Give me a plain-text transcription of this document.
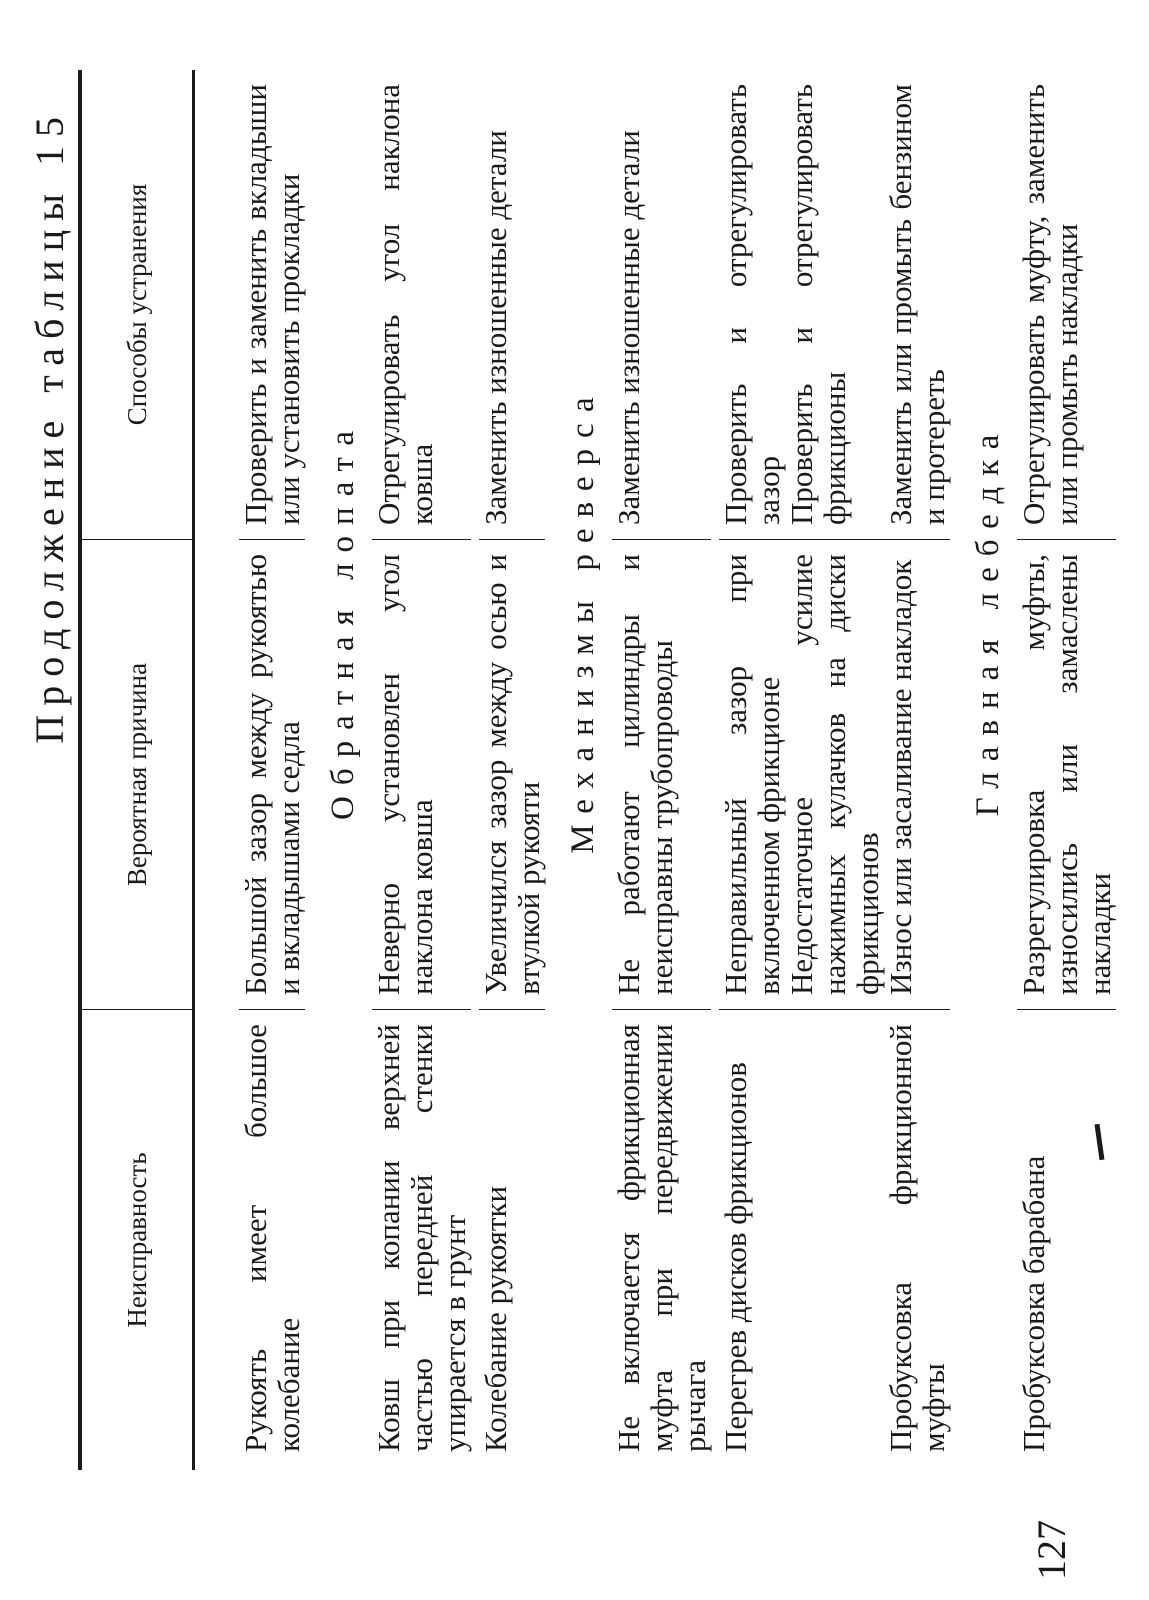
Продолжение таблицы 15
Неисправность
Вероятная причина
Способы устранения
Рукоять имеет большое колебание
Большой зазор между рукоятью и вкладышами седла
Проверить и заменить вкладыши или установить прокладки
Обратная лопата
Ковш при копании верхней частью передней стенки упирается в грунт
Неверно установлен угол наклона ковша
Отрегулировать угол наклона ковша
Колебание рукоятки
Увеличился зазор между осью и втулкой рукояти
Заменить изношенные детали
Механизмы реверса
Не включается фрикционная муфта при передвижении рычага
Не работают цилиндры и неисправны трубопроводы
Заменить изношенные детали
Перегрев дисков фрикционов
Неправильный зазор при включенном фрикционе
Проверить и отрегулировать зазор
Недостаточное усилие нажимных кулачков на диски фрикционов
Проверить и отрегулировать фрикционы
Пробуксовка фрикционной муфты
Износ или засаливание накладок
Заменить или промыть бензином и протереть Главная лебедка
Пробуксовка барабана
Разрегулировка муфты, износились или замаслены накладки
Отрегулировать муфту, заменить или промыть накладки
127
